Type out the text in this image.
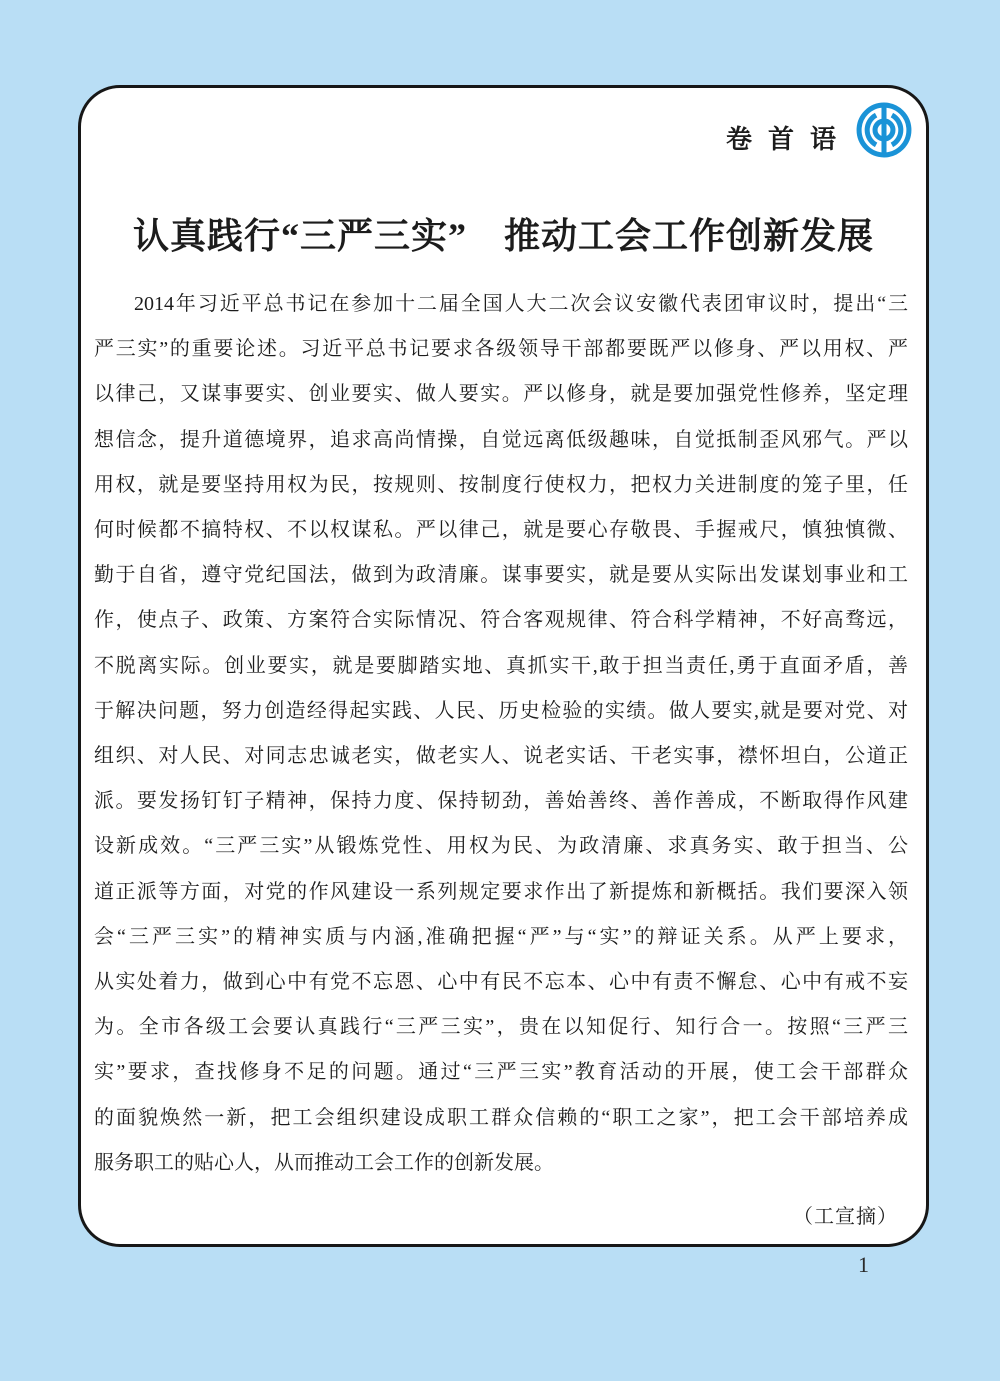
卷首语
认真践行“三严三实”　推动工会工作创新发展
2014年习近平总书记在参加十二届全国人大二次会议安徽代表团审议时，提出“三
严三实”的重要论述。习近平总书记要求各级领导干部都要既严以修身、严以用权、严
以律己，又谋事要实、创业要实、做人要实。严以修身，就是要加强党性修养，坚定理
想信念，提升道德境界，追求高尚情操，自觉远离低级趣味，自觉抵制歪风邪气。严以
用权，就是要坚持用权为民，按规则、按制度行使权力，把权力关进制度的笼子里，任
何时候都不搞特权、不以权谋私。严以律己，就是要心存敬畏、手握戒尺，慎独慎微、
勤于自省，遵守党纪国法，做到为政清廉。谋事要实，就是要从实际出发谋划事业和工
作，使点子、政策、方案符合实际情况、符合客观规律、符合科学精神，不好高骛远，
不脱离实际。创业要实，就是要脚踏实地、真抓实干,敢于担当责任,勇于直面矛盾，善
于解决问题，努力创造经得起实践、人民、历史检验的实绩。做人要实,就是要对党、对
组织、对人民、对同志忠诚老实，做老实人、说老实话、干老实事，襟怀坦白，公道正
派。要发扬钉钉子精神，保持力度、保持韧劲，善始善终、善作善成，不断取得作风建
设新成效。“三严三实”从锻炼党性、用权为民、为政清廉、求真务实、敢于担当、公
道正派等方面，对党的作风建设一系列规定要求作出了新提炼和新概括。我们要深入领
会“三严三实”的精神实质与内涵,准确把握“严”与“实”的辩证关系。从严上要求，
从实处着力，做到心中有党不忘恩、心中有民不忘本、心中有责不懈怠、心中有戒不妄
为。全市各级工会要认真践行“三严三实”，贵在以知促行、知行合一。按照“三严三
实”要求，查找修身不足的问题。通过“三严三实”教育活动的开展，使工会干部群众
的面貌焕然一新，把工会组织建设成职工群众信赖的“职工之家”，把工会干部培养成
服务职工的贴心人，从而推动工会工作的创新发展。
（工宣摘）
1
